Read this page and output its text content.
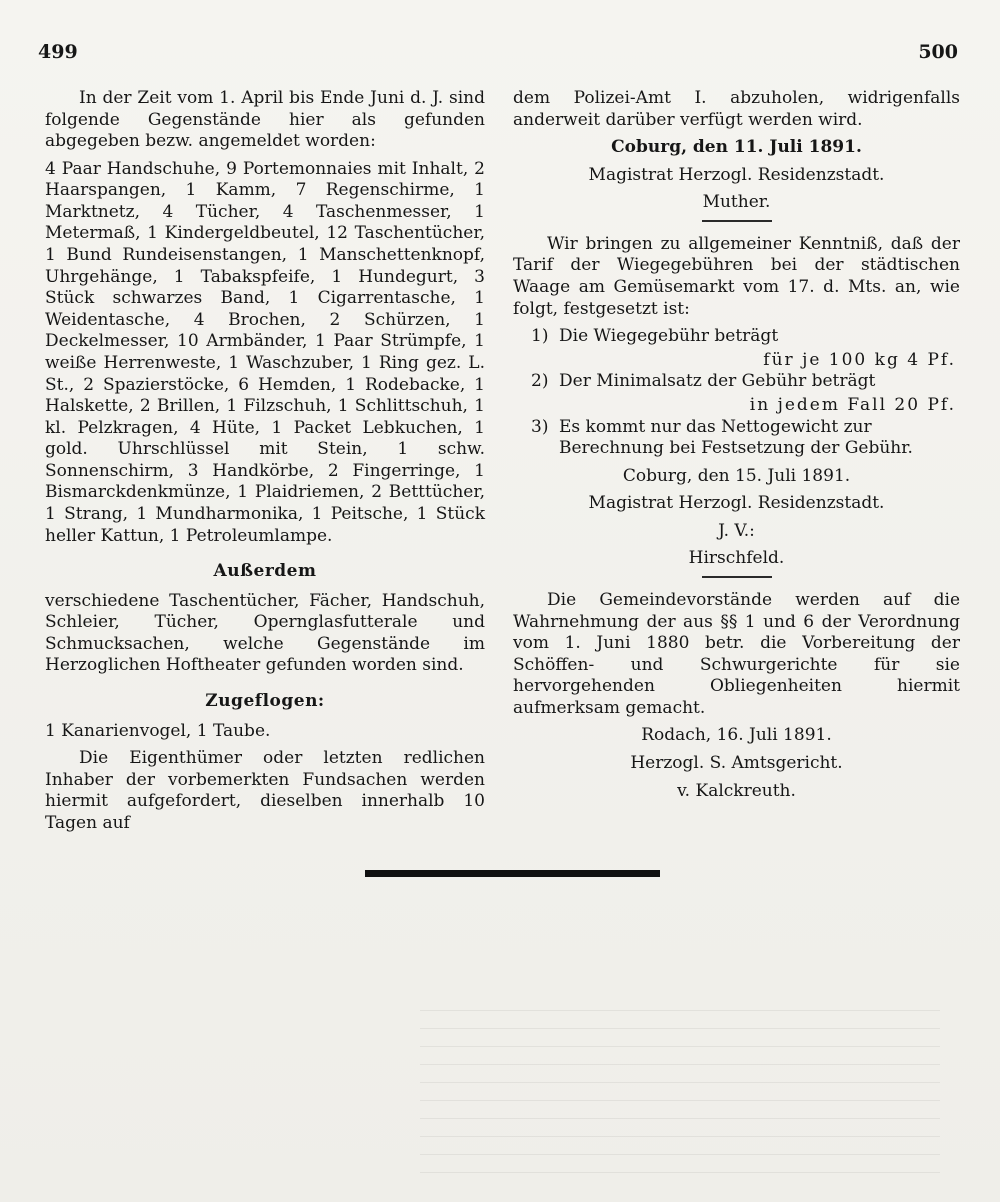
499	500

In der Zeit vom 1. April bis Ende Juni d. J. sind folgende Gegenstände hier als gefunden abgegeben bezw. angemeldet worden:

4 Paar Handschuhe, 9 Portemonnaies mit Inhalt, 2 Haarspangen, 1 Kamm, 7 Regenschirme, 1 Marktnetz, 4 Tücher, 4 Taschenmesser, 1 Metermaß, 1 Kindergeldbeutel, 12 Taschentücher, 1 Bund Rundeisenstangen, 1 Manschettenknopf, Uhrgehänge, 1 Tabakspfeife, 1 Hundegurt, 3 Stück schwarzes Band, 1 Cigarrentasche, 1 Weidentasche, 4 Brochen, 2 Schürzen, 1 Deckelmesser, 10 Armbänder, 1 Paar Strümpfe, 1 weiße Herrenweste, 1 Waschzuber, 1 Ring gez. L. St., 2 Spazierstöcke, 6 Hemden, 1 Rodebacke, 1 Halskette, 2 Brillen, 1 Filzschuh, 1 Schlittschuh, 1 kl. Pelzkragen, 4 Hüte, 1 Packet Lebkuchen, 1 gold. Uhrschlüssel mit Stein, 1 schw. Sonnenschirm, 3 Handkörbe, 2 Fingerringe, 1 Bismarckdenkmünze, 1 Plaidriemen, 2 Betttücher, 1 Strang, 1 Mundharmonika, 1 Peitsche, 1 Stück heller Kattun, 1 Petroleumlampe.

Außerdem

verschiedene Taschentücher, Fächer, Handschuh, Schleier, Tücher, Opernglasfutterale und Schmucksachen, welche Gegenstände im Herzoglichen Hoftheater gefunden worden sind.

Zugeflogen:

1 Kanarienvogel, 1 Taube.

Die Eigenthümer oder letzten redlichen Inhaber der vorbemerkten Fundsachen werden hiermit aufgefordert, dieselben innerhalb 10 Tagen auf

dem Polizei-Amt I. abzuholen, widrigenfalls anderweit darüber verfügt werden wird.

Coburg, den 11. Juli 1891.
Magistrat Herzogl. Residenzstadt.
Muther.

Wir bringen zu allgemeiner Kenntniß, daß der Tarif der Wiegegebühren bei der städtischen Waage am Gemüsemarkt vom 17. d. Mts. an, wie folgt, festgesetzt ist:

1) Die Wiegegebühr beträgt
für je 100 kg 4 Pf.
2) Der Minimalsatz der Gebühr beträgt
in jedem Fall 20 Pf.
3) Es kommt nur das Nettogewicht zur Berechnung bei Festsetzung der Gebühr.
Coburg, den 15. Juli 1891.
Magistrat Herzogl. Residenzstadt.
J. V.:
Hirschfeld.

Die Gemeindevorstände werden auf die Wahrnehmung der aus §§ 1 und 6 der Verordnung vom 1. Juni 1880 betr. die Vorbereitung der Schöffen- und Schwurgerichte für sie hervorgehenden Obliegenheiten hiermit aufmerksam gemacht.

Rodach, 16. Juli 1891.
Herzogl. S. Amtsgericht.
v. Kalckreuth.
